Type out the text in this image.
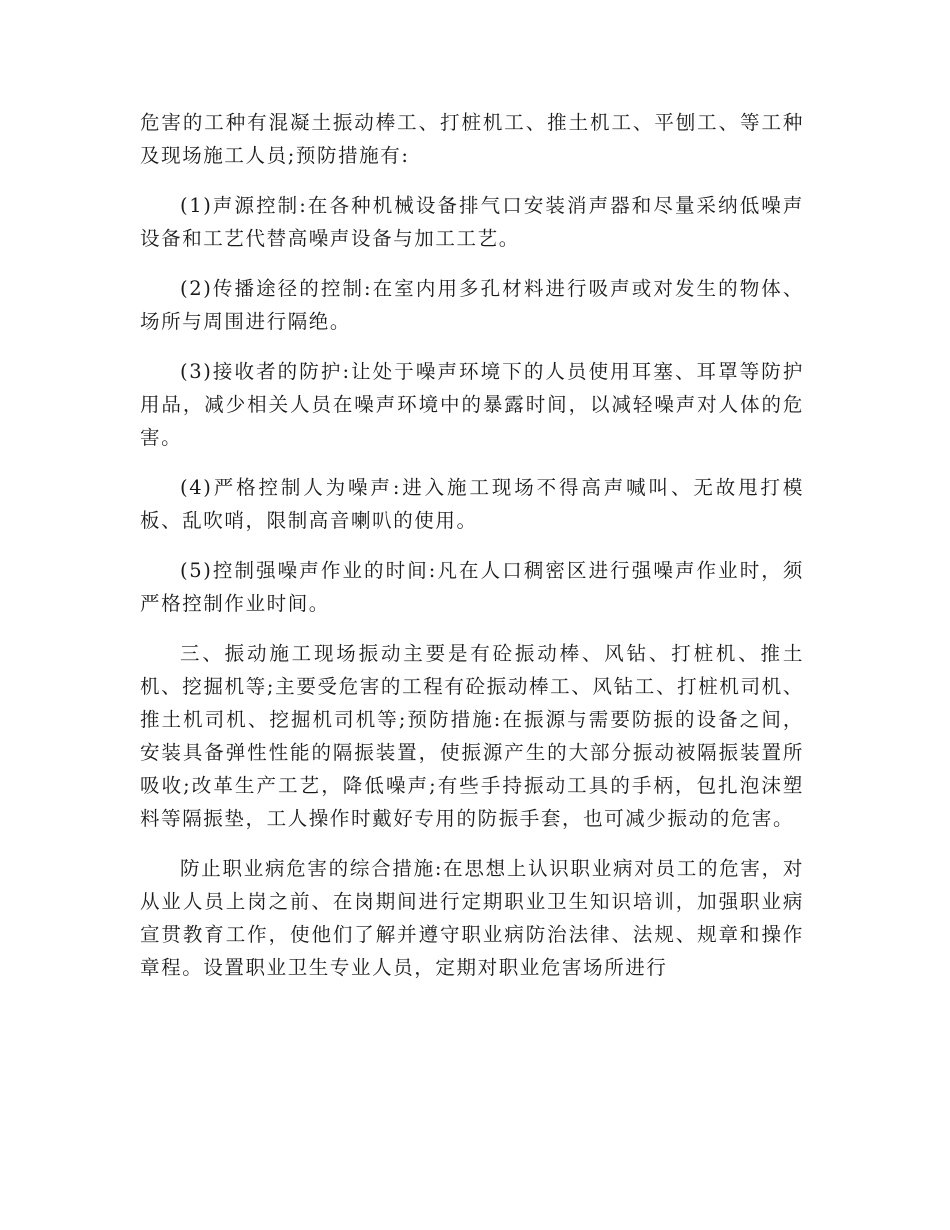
危害的工种有混凝土振动棒工、打桩机工、推土机工、平刨工、等工种及现场施工人员;预防措施有:

(1)声源控制:在各种机械设备排气口安装消声器和尽量采纳低噪声设备和工艺代替高噪声设备与加工工艺。

(2)传播途径的控制:在室内用多孔材料进行吸声或对发生的物体、场所与周围进行隔绝。

(3)接收者的防护:让处于噪声环境下的人员使用耳塞、耳罩等防护用品，减少相关人员在噪声环境中的暴露时间，以减轻噪声对人体的危害。

(4)严格控制人为噪声:进入施工现场不得高声喊叫、无故甩打模板、乱吹哨，限制高音喇叭的使用。

(5)控制强噪声作业的时间:凡在人口稠密区进行强噪声作业时，须严格控制作业时间。

三、振动施工现场振动主要是有砼振动棒、风钻、打桩机、推土机、挖掘机等;主要受危害的工程有砼振动棒工、风钻工、打桩机司机、推土机司机、挖掘机司机等;预防措施:在振源与需要防振的设备之间，安装具备弹性性能的隔振装置，使振源产生的大部分振动被隔振装置所吸收;改革生产工艺，降低噪声;有些手持振动工具的手柄，包扎泡沫塑料等隔振垫，工人操作时戴好专用的防振手套，也可减少振动的危害。

防止职业病危害的综合措施:在思想上认识职业病对员工的危害，对从业人员上岗之前、在岗期间进行定期职业卫生知识培训，加强职业病宣贯教育工作，使他们了解并遵守职业病防治法律、法规、规章和操作章程。设置职业卫生专业人员，定期对职业危害场所进行
